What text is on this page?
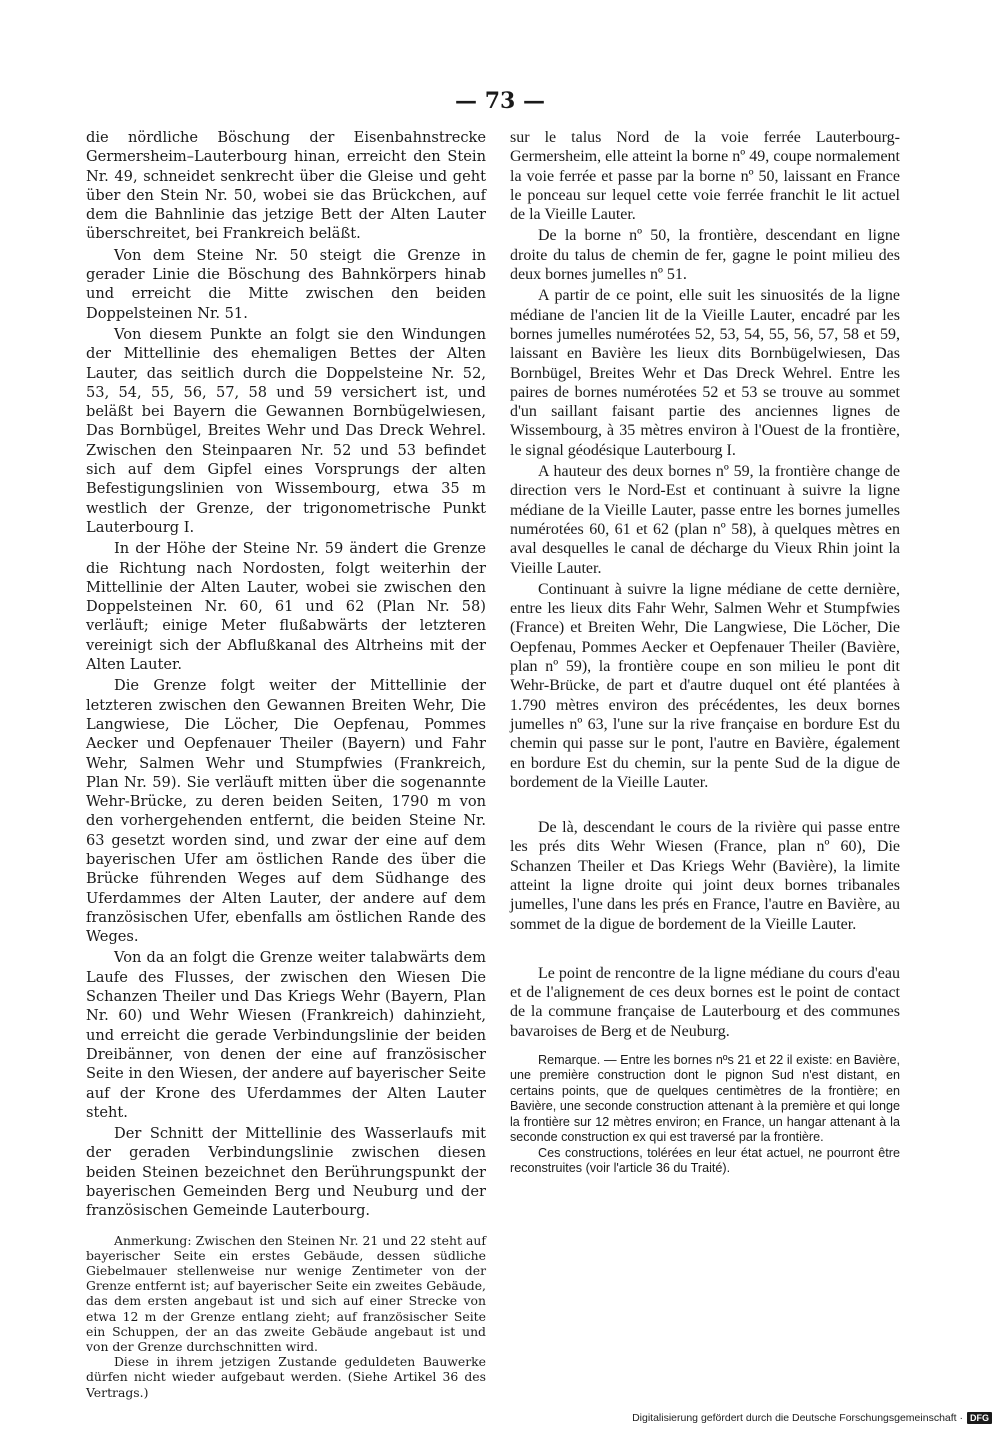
— 73 —

die nördliche Böschung der Eisenbahnstrecke Germersheim–Lauterbourg hinan, erreicht den Stein Nr. 49, schneidet senkrecht über die Gleise und geht über den Stein Nr. 50, wobei sie das Brückchen, auf dem die Bahnlinie das jetzige Bett der Alten Lauter überschreitet, bei Frankreich beläßt.

Von dem Steine Nr. 50 steigt die Grenze in gerader Linie die Böschung des Bahnkörpers hinab und erreicht die Mitte zwischen den beiden Doppelsteinen Nr. 51.

Von diesem Punkte an folgt sie den Windungen der Mittellinie des ehemaligen Bettes der Alten Lauter, das seitlich durch die Doppelsteine Nr. 52, 53, 54, 55, 56, 57, 58 und 59 versichert ist, und beläßt bei Bayern die Gewannen Bornbügelwiesen, Das Bornbügel, Breites Wehr und Das Dreck Wehrel. Zwischen den Steinpaaren Nr. 52 und 53 befindet sich auf dem Gipfel eines Vorsprungs der alten Befestigungslinien von Wissembourg, etwa 35 m westlich der Grenze, der trigonometrische Punkt Lauterbourg I.

In der Höhe der Steine Nr. 59 ändert die Grenze die Richtung nach Nordosten, folgt weiterhin der Mittellinie der Alten Lauter, wobei sie zwischen den Doppelsteinen Nr. 60, 61 und 62 (Plan Nr. 58) verläuft; einige Meter flußabwärts der letzteren vereinigt sich der Abflußkanal des Altrheins mit der Alten Lauter.

Die Grenze folgt weiter der Mittellinie der letzteren zwischen den Gewannen Breiten Wehr, Die Langwiese, Die Löcher, Die Oepfenau, Pommes Aecker und Oepfenauer Theiler (Bayern) und Fahr Wehr, Salmen Wehr und Stumpfwies (Frankreich, Plan Nr. 59). Sie verläuft mitten über die sogenannte Wehr-Brücke, zu deren beiden Seiten, 1790 m von den vorhergehenden entfernt, die beiden Steine Nr. 63 gesetzt worden sind, und zwar der eine auf dem bayerischen Ufer am östlichen Rande des über die Brücke führenden Weges auf dem Südhange des Uferdammes der Alten Lauter, der andere auf dem französischen Ufer, ebenfalls am östlichen Rande des Weges.

Von da an folgt die Grenze weiter talabwärts dem Laufe des Flusses, der zwischen den Wiesen Die Schanzen Theiler und Das Kriegs Wehr (Bayern, Plan Nr. 60) und Wehr Wiesen (Frankreich) dahinzieht, und erreicht die gerade Verbindungslinie der beiden Dreibänner, von denen der eine auf französischer Seite in den Wiesen, der andere auf bayerischer Seite auf der Krone des Uferdammes der Alten Lauter steht.

Der Schnitt der Mittellinie des Wasserlaufs mit der geraden Verbindungslinie zwischen diesen beiden Steinen bezeichnet den Berührungspunkt der bayerischen Gemeinden Berg und Neuburg und der französischen Gemeinde Lauterbourg.

Anmerkung: Zwischen den Steinen Nr. 21 und 22 steht auf bayerischer Seite ein erstes Gebäude, dessen südliche Giebelmauer stellenweise nur wenige Zentimeter von der Grenze entfernt ist; auf bayerischer Seite ein zweites Gebäude, das dem ersten angebaut ist und sich auf einer Strecke von etwa 12 m der Grenze entlang zieht; auf französischer Seite ein Schuppen, der an das zweite Gebäude angebaut ist und von der Grenze durchschnitten wird.

Diese in ihrem jetzigen Zustande geduldeten Bauwerke dürfen nicht wieder aufgebaut werden. (Siehe Artikel 36 des Vertrags.)

sur le talus Nord de la voie ferrée Lauterbourg-Germersheim, elle atteint la borne nº 49, coupe normalement la voie ferrée et passe par la borne nº 50, laissant en France le ponceau sur lequel cette voie ferrée franchit le lit actuel de la Vieille Lauter.

De la borne nº 50, la frontière, descendant en ligne droite du talus de chemin de fer, gagne le point milieu des deux bornes jumelles nº 51.

A partir de ce point, elle suit les sinuosités de la ligne médiane de l'ancien lit de la Vieille Lauter, encadré par les bornes jumelles numérotées 52, 53, 54, 55, 56, 57, 58 et 59, laissant en Bavière les lieux dits Bornbügelwiesen, Das Bornbügel, Breites Wehr et Das Dreck Wehrel. Entre les paires de bornes numérotées 52 et 53 se trouve au sommet d'un saillant faisant partie des anciennes lignes de Wissembourg, à 35 mètres environ à l'Ouest de la frontière, le signal géodésique Lauterbourg I.

A hauteur des deux bornes nº 59, la frontière change de direction vers le Nord-Est et continuant à suivre la ligne médiane de la Vieille Lauter, passe entre les bornes jumelles numérotées 60, 61 et 62 (plan nº 58), à quelques mètres en aval desquelles le canal de décharge du Vieux Rhin joint la Vieille Lauter.

Continuant à suivre la ligne médiane de cette dernière, entre les lieux dits Fahr Wehr, Salmen Wehr et Stumpfwies (France) et Breiten Wehr, Die Langwiese, Die Löcher, Die Oepfenau, Pommes Aecker et Oepfenauer Theiler (Bavière, plan nº 59), la frontière coupe en son milieu le pont dit Wehr-Brücke, de part et d'autre duquel ont été plantées à 1.790 mètres environ des précédentes, les deux bornes jumelles nº 63, l'une sur la rive française en bordure Est du chemin qui passe sur le pont, l'autre en Bavière, également en bordure Est du chemin, sur la pente Sud de la digue de bordement de la Vieille Lauter.

De là, descendant le cours de la rivière qui passe entre les prés dits Wehr Wiesen (France, plan nº 60), Die Schanzen Theiler et Das Kriegs Wehr (Bavière), la limite atteint la ligne droite qui joint deux bornes tribanales jumelles, l'une dans les prés en France, l'autre en Bavière, au sommet de la digue de bordement de la Vieille Lauter.

Le point de rencontre de la ligne médiane du cours d'eau et de l'alignement de ces deux bornes est le point de contact de la commune française de Lauterbourg et des communes bavaroises de Berg et de Neuburg.

Remarque. — Entre les bornes nºs 21 et 22 il existe: en Bavière, une première construction dont le pignon Sud n'est distant, en certains points, que de quelques centimètres de la frontière; en Bavière, une seconde construction attenant à la première et qui longe la frontière sur 12 mètres environ; en France, un hangar attenant à la seconde construction ex qui est traversé par la frontière.

Ces constructions, tolérées en leur état actuel, ne pourront être reconstruites (voir l'article 36 du Traité).

Digitalisierung gefördert durch die Deutsche Forschungsgemeinschaft · DFG
